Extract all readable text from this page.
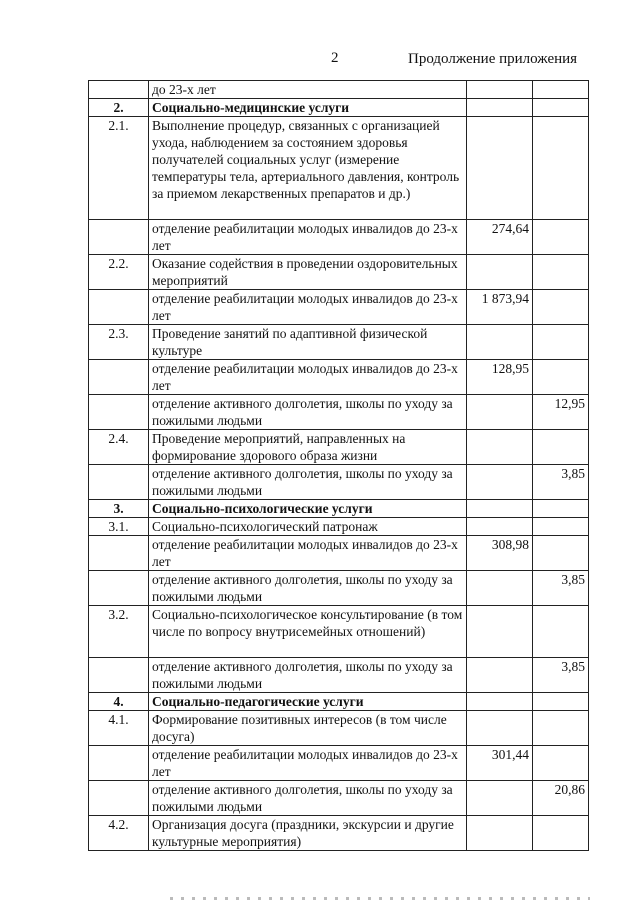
2	Продолжение приложения
	до 23-х лет		
2.	Социально-медицинские услуги		
2.1.	Выполнение процедур, связанных с организацией ухода, наблюдением за состоянием здоровья получателей социальных услуг (измерение температуры тела, артериального давления, контроль за приемом лекарственных препаратов и др.)		
	отделение реабилитации молодых инвалидов до 23-х лет	274,64	
2.2.	Оказание содействия в проведении оздоровительных мероприятий		
	отделение реабилитации молодых инвалидов до 23-х лет	1 873,94	
2.3.	Проведение занятий по адаптивной физической культуре		
	отделение реабилитации молодых инвалидов до 23-х лет	128,95	
	отделение активного долголетия, школы по уходу за пожилыми людьми		12,95
2.4.	Проведение мероприятий, направленных на формирование здорового образа жизни		
	отделение активного долголетия, школы по уходу за пожилыми людьми		3,85
3.	Социально-психологические услуги		
3.1.	Социально-психологический патронаж		
	отделение реабилитации молодых инвалидов до 23-х лет	308,98	
	отделение активного долголетия, школы по уходу за пожилыми людьми		3,85
3.2.	Социально-психологическое консультирование (в том числе по вопросу внутрисемейных отношений)		
	отделение активного долголетия, школы по уходу за пожилыми людьми		3,85
4.	Социально-педагогические услуги		
4.1.	Формирование позитивных интересов (в том числе досуга)		
	отделение реабилитации молодых инвалидов до 23-х лет	301,44	
	отделение активного долголетия, школы по уходу за пожилыми людьми		20,86
4.2.	Организация досуга (праздники, экскурсии и другие культурные мероприятия)		
